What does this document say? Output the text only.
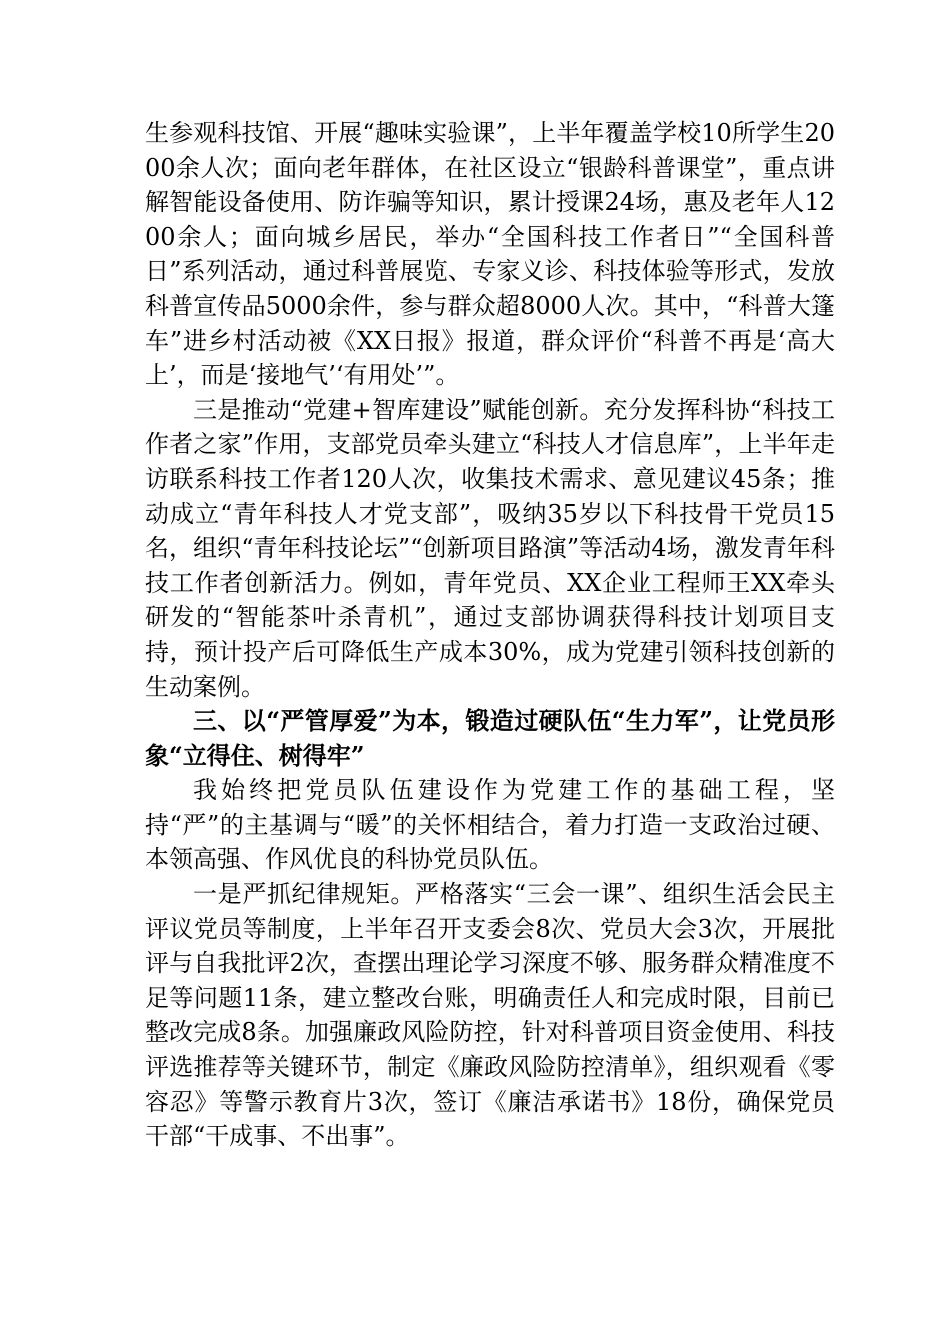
生参观科技馆、开展“趣味实验课”，上半年覆盖学校10所学生2000余人次；面向老年群体，在社区设立“银龄科普课堂”，重点讲解智能设备使用、防诈骗等知识，累计授课24场，惠及老年人1200余人；面向城乡居民，举办“全国科技工作者日”“全国科普日”系列活动，通过科普展览、专家义诊、科技体验等形式，发放科普宣传品5000余件，参与群众超8000人次。其中，“科普大篷车”进乡村活动被《XX日报》报道，群众评价“科普不再是‘高大上’，而是‘接地气’‘有用处’”。

三是推动“党建+智库建设”赋能创新。充分发挥科协“科技工作者之家”作用，支部党员牵头建立“科技人才信息库”，上半年走访联系科技工作者120人次，收集技术需求、意见建议45条；推动成立“青年科技人才党支部”，吸纳35岁以下科技骨干党员15名，组织“青年科技论坛”“创新项目路演”等活动4场，激发青年科技工作者创新活力。例如，青年党员、XX企业工程师王XX牵头研发的“智能茶叶杀青机”，通过支部协调获得科技计划项目支持，预计投产后可降低生产成本30%，成为党建引领科技创新的生动案例。

三、以“严管厚爱”为本，锻造过硬队伍“生力军”，让党员形象“立得住、树得牢”

我始终把党员队伍建设作为党建工作的基础工程，坚持“严”的主基调与“暖”的关怀相结合，着力打造一支政治过硬、本领高强、作风优良的科协党员队伍。

一是严抓纪律规矩。严格落实“三会一课”、组织生活会民主评议党员等制度，上半年召开支委会8次、党员大会3次，开展批评与自我批评2次，查摆出理论学习深度不够、服务群众精准度不足等问题11条，建立整改台账，明确责任人和完成时限，目前已整改完成8条。加强廉政风险防控，针对科普项目资金使用、科技评选推荐等关键环节，制定《廉政风险防控清单》，组织观看《零容忍》等警示教育片3次，签订《廉洁承诺书》18份，确保党员干部“干成事、不出事”。
